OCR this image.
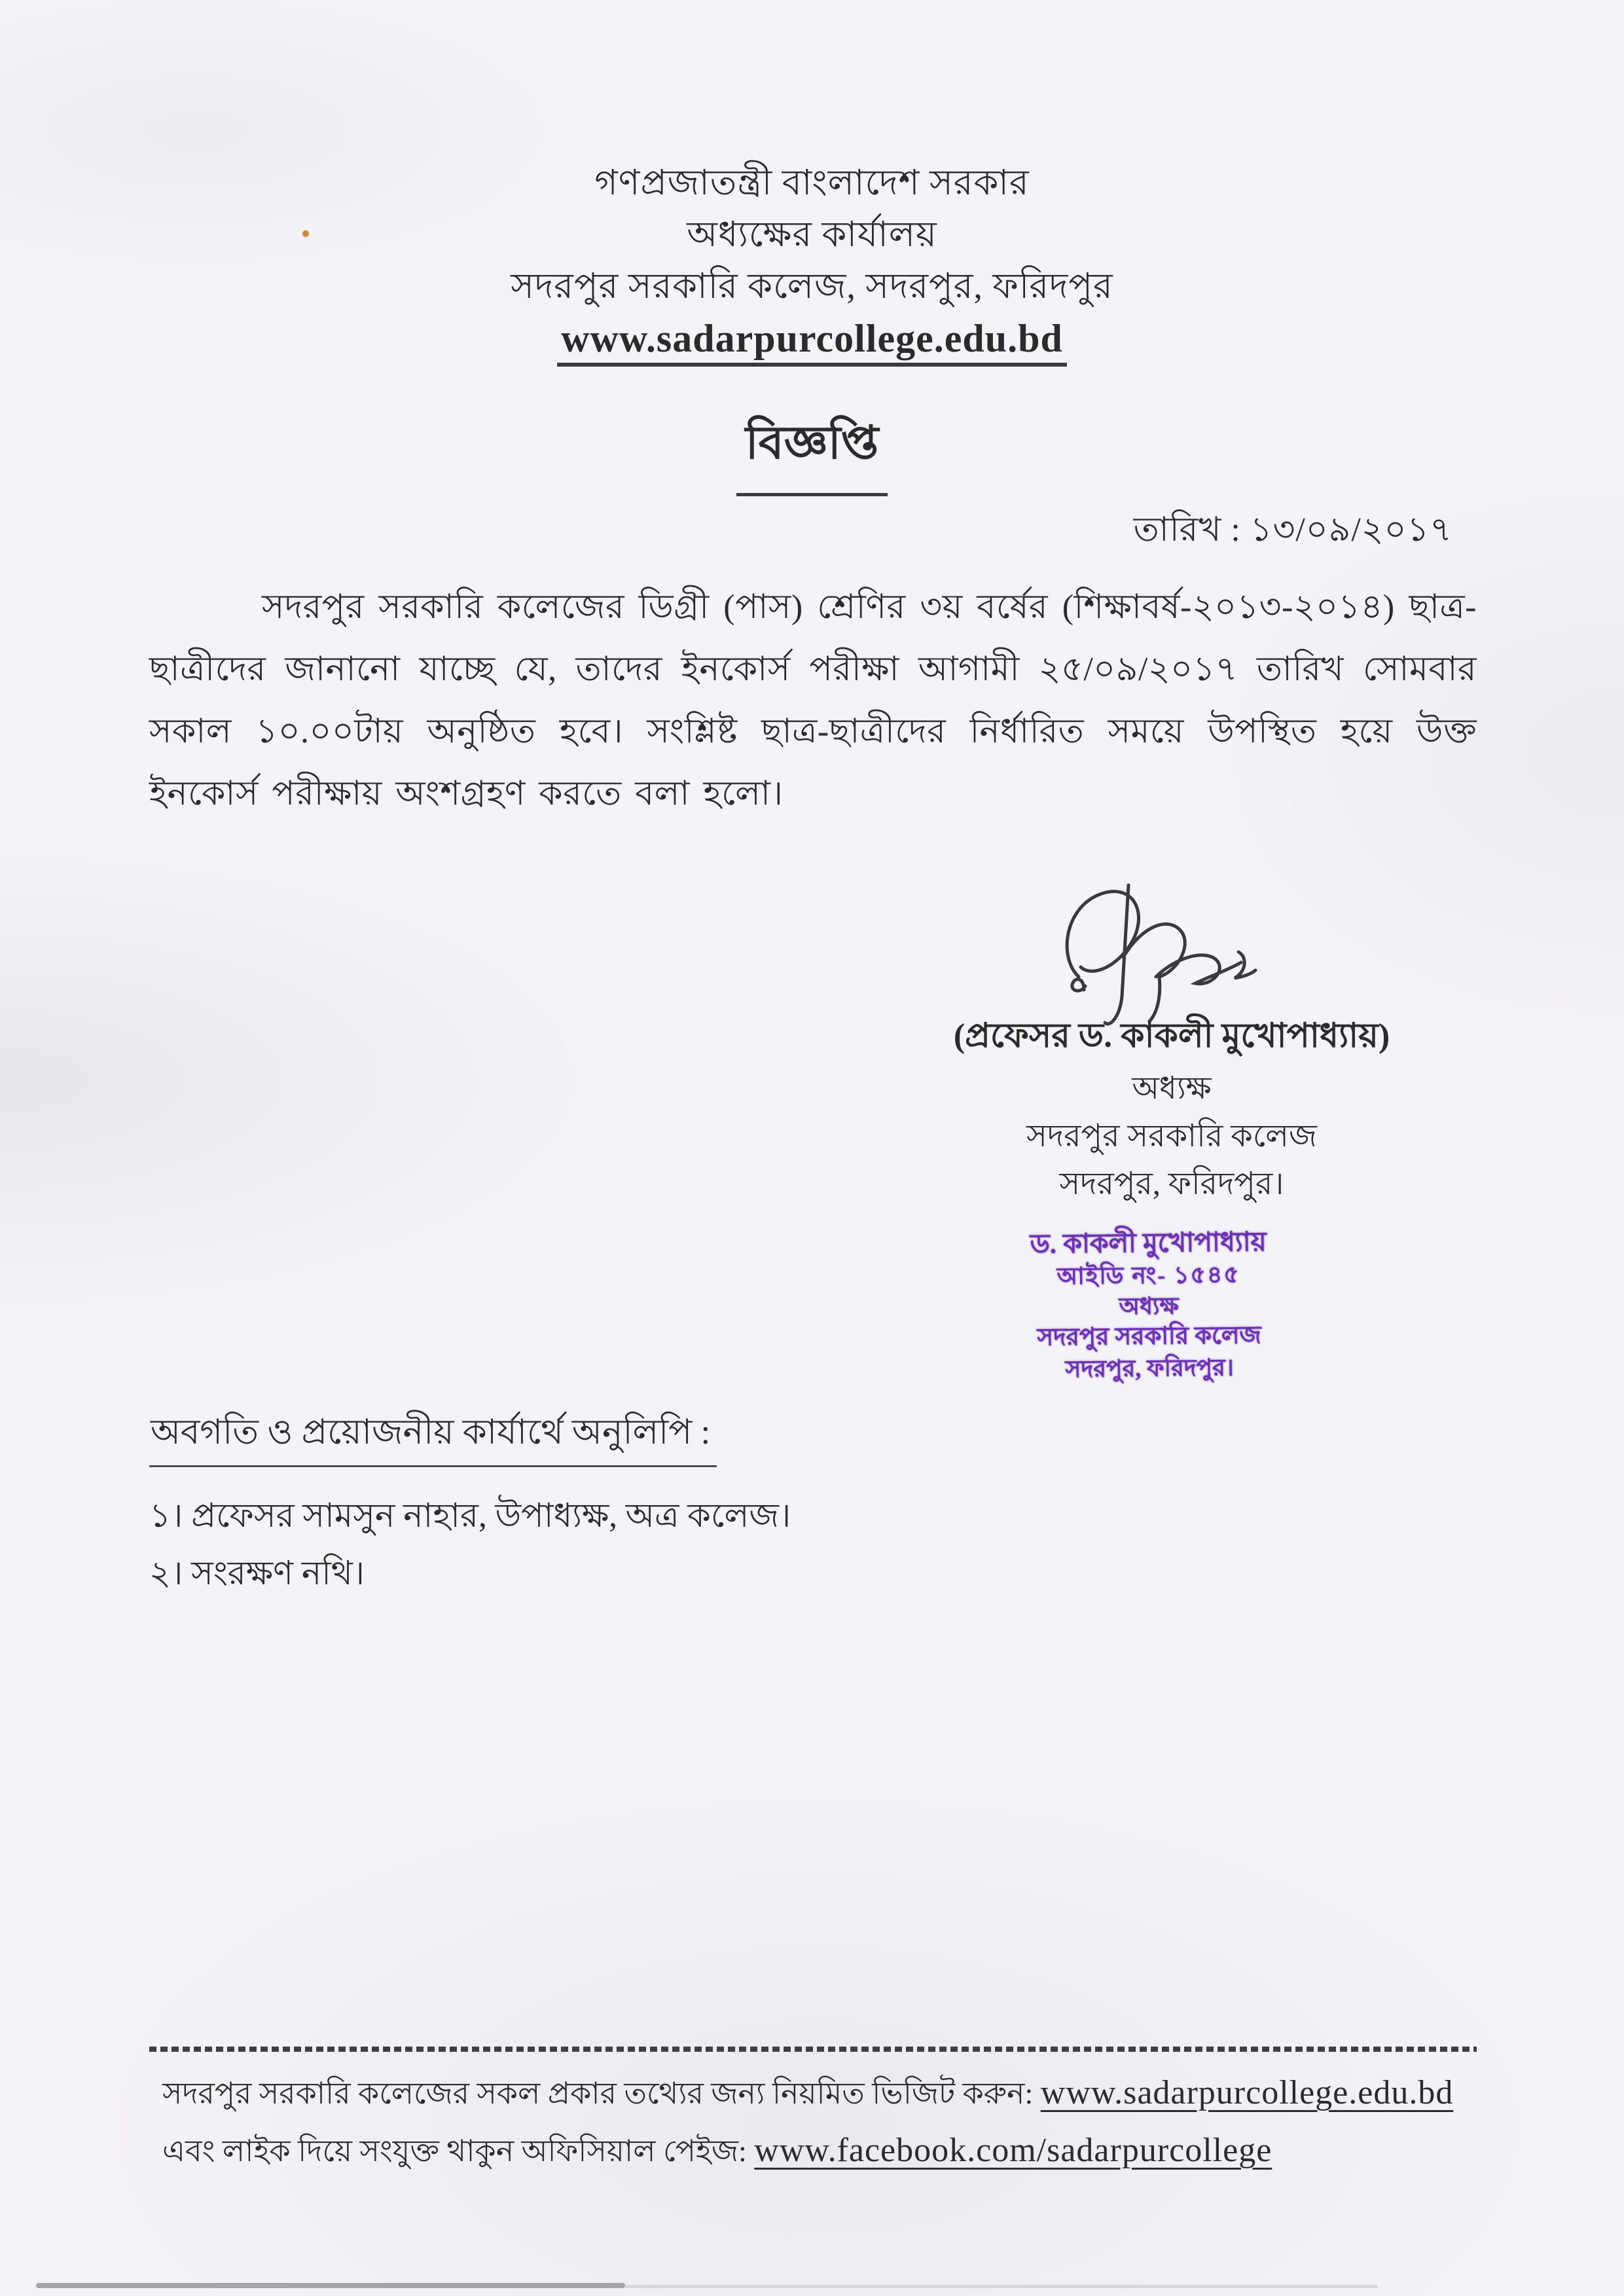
গণপ্রজাতন্ত্রী বাংলাদেশ সরকার
অধ্যক্ষের কার্যালয়
সদরপুর সরকারি কলেজ, সদরপুর, ফরিদপুর
www.sadarpurcollege.edu.bd
বিজ্ঞপ্তি
তারিখ : ১৩/০৯/২০১৭
সদরপুর সরকারি কলেজের ডিগ্রী (পাস) শ্রেণির ৩য় বর্ষের (শিক্ষাবর্ষ-২০১৩-২০১৪) ছাত্র-ছাত্রীদের জানানো যাচ্ছে যে, তাদের ইনকোর্স পরীক্ষা আগামী ২৫/০৯/২০১৭ তারিখ সোমবার সকাল ১০.০০টায় অনুষ্ঠিত হবে। সংশ্লিষ্ট ছাত্র-ছাত্রীদের নির্ধারিত সময়ে উপস্থিত হয়ে উক্ত ইনকোর্স পরীক্ষায় অংশগ্রহণ করতে বলা হলো।
(প্রফেসর ড. কাকলী মুখোপাধ্যায়)
অধ্যক্ষ
সদরপুর সরকারি কলেজ
সদরপুর, ফরিদপুর।
ড. কাকলী মুখোপাধ্যায়
আইডি নং- ১৫৪৫
অধ্যক্ষ
সদরপুর সরকারি কলেজ
সদরপুর, ফরিদপুর।
অবগতি ও প্রয়োজনীয় কার্যার্থে অনুলিপি :
১। প্রফেসর সামসুন নাহার, উপাধ্যক্ষ, অত্র কলেজ।
২। সংরক্ষণ নথি।
সদরপুর সরকারি কলেজের সকল প্রকার তথ্যের জন্য নিয়মিত ভিজিট করুন: www.sadarpurcollege.edu.bd
এবং লাইক দিয়ে সংযুক্ত থাকুন অফিসিয়াল পেইজ: www.facebook.com/sadarpurcollege
